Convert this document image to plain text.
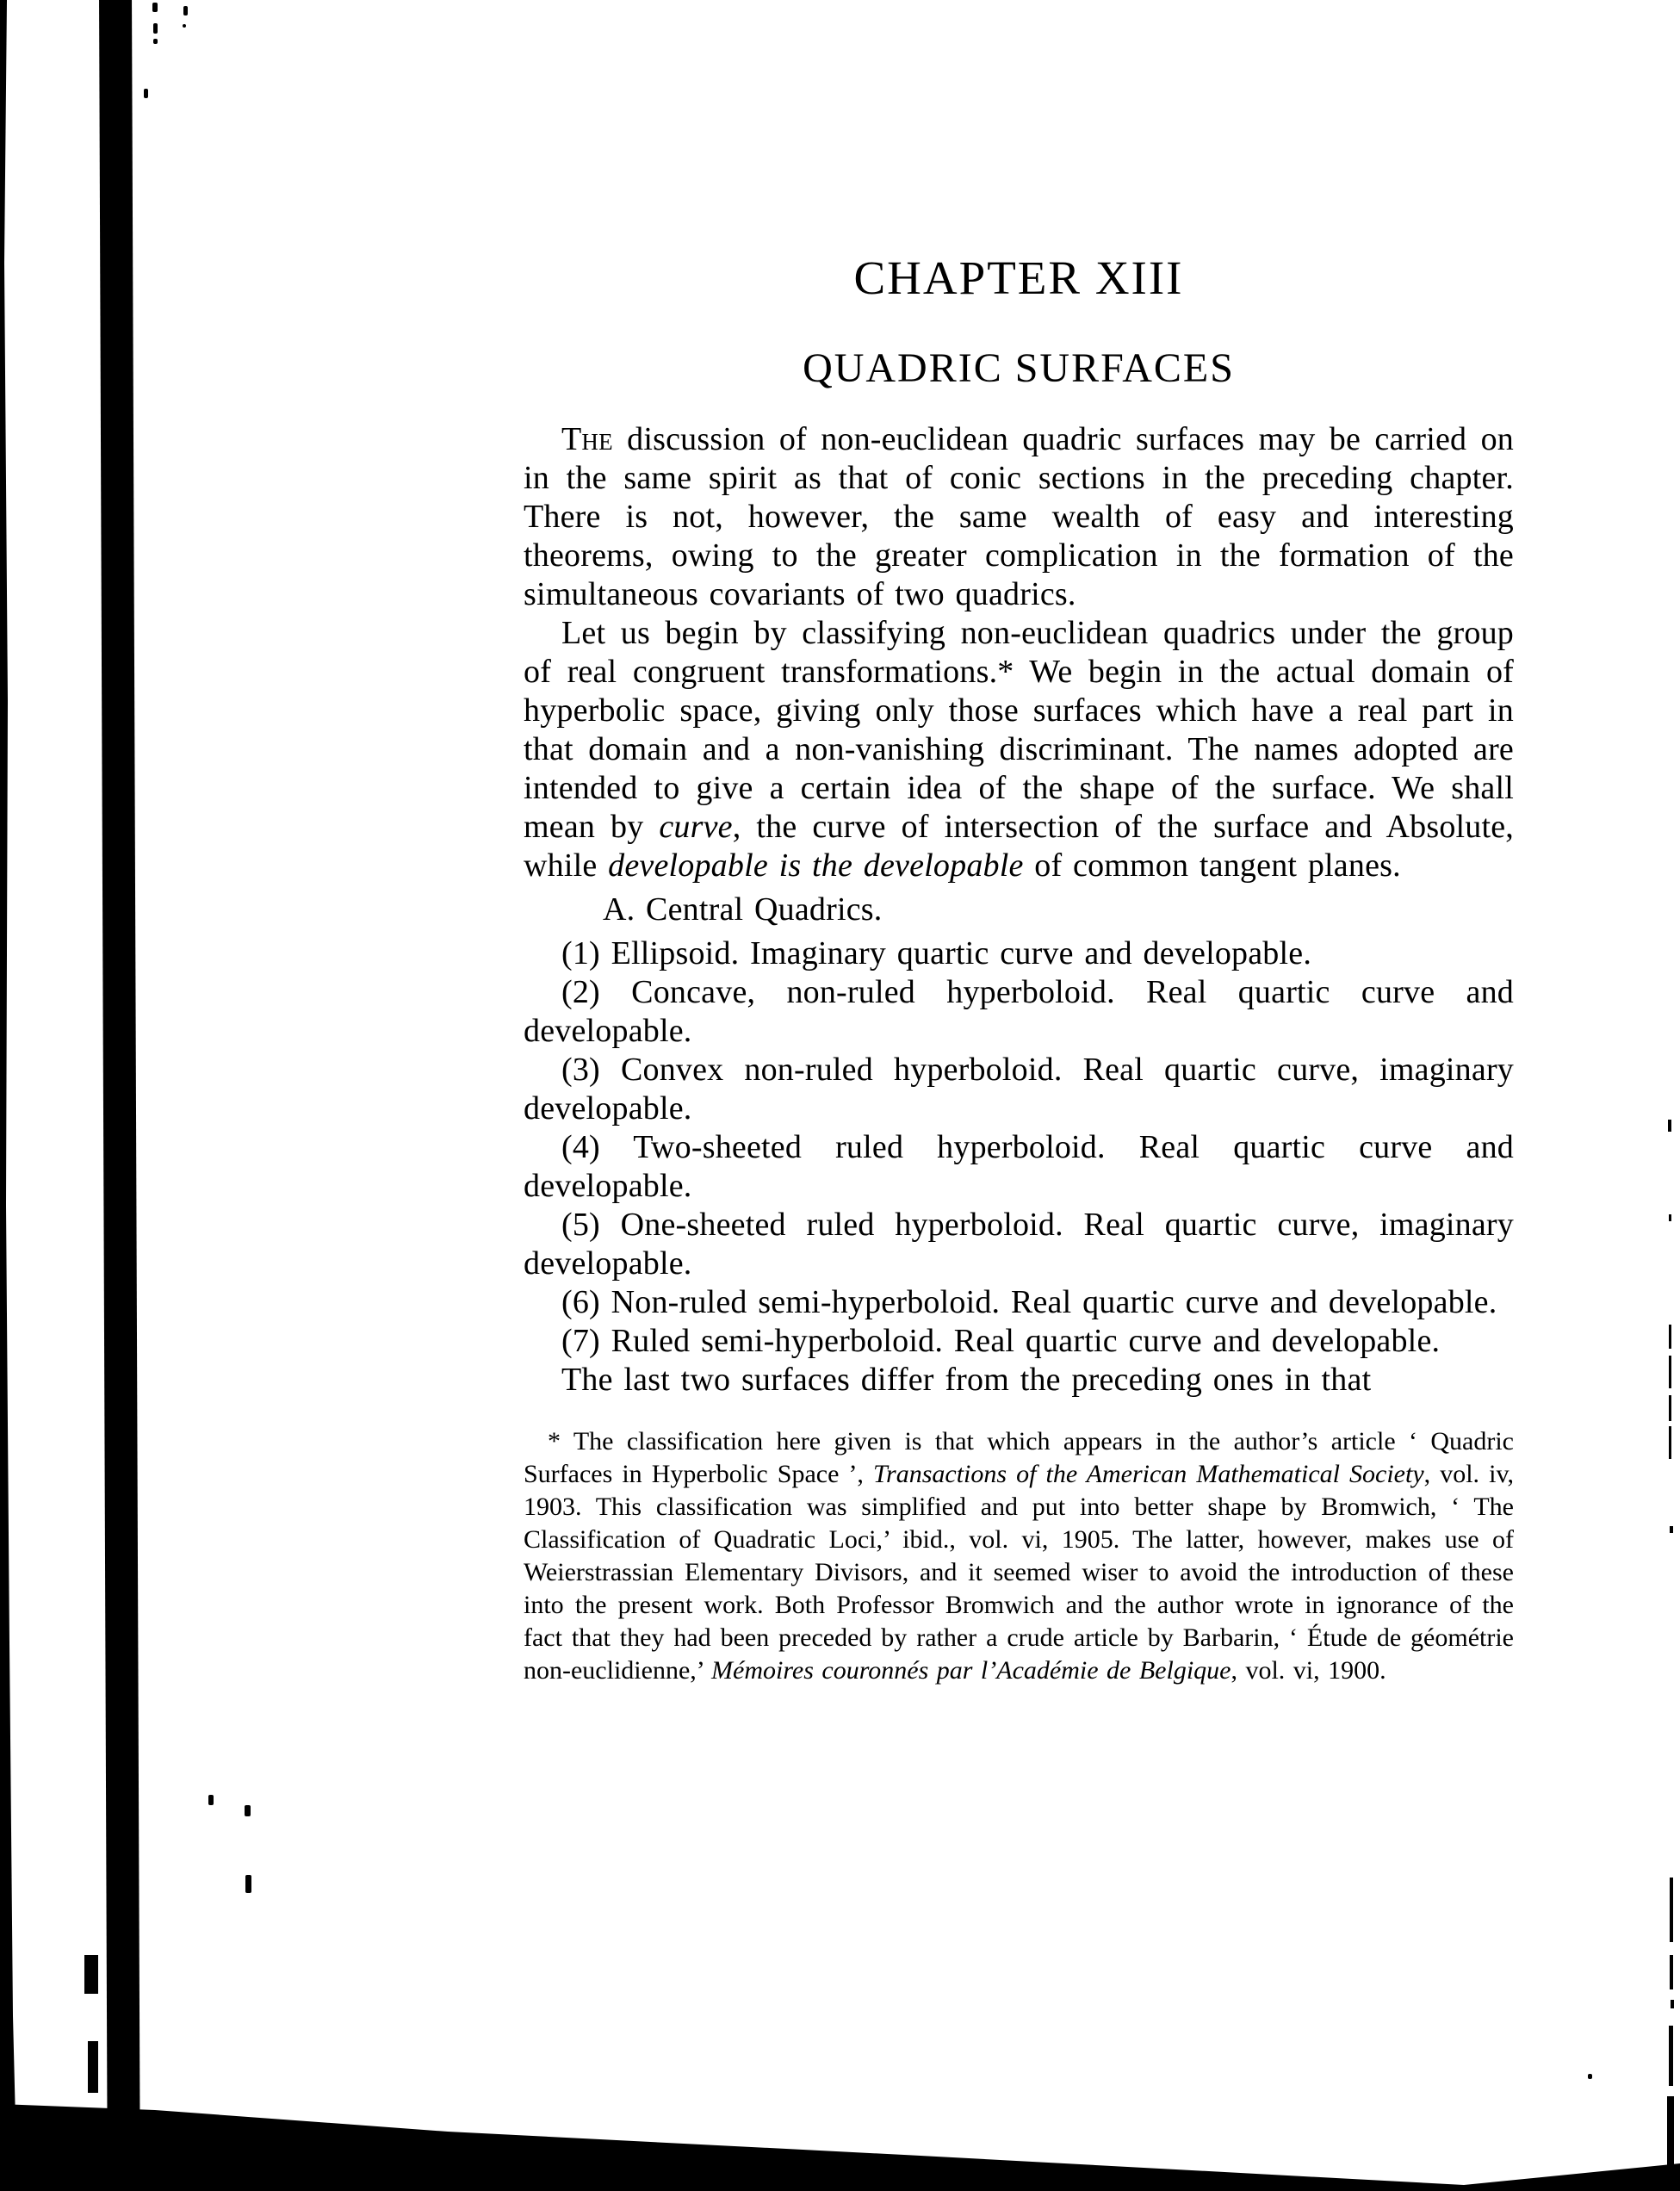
CHAPTER XIII
QUADRIC SURFACES

The discussion of non-euclidean quadric surfaces may be carried on in the same spirit as that of conic sections in the preceding chapter. There is not, however, the same wealth of easy and interesting theorems, owing to the greater complication in the formation of the simultaneous covariants of two quadrics.

Let us begin by classifying non-euclidean quadrics under the group of real congruent transformations.* We begin in the actual domain of hyperbolic space, giving only those surfaces which have a real part in that domain and a non-vanishing discriminant. The names adopted are intended to give a certain idea of the shape of the surface. We shall mean by curve, the curve of intersection of the surface and Absolute, while developable is the developable of common tangent planes.

A. Central Quadrics.

(1) Ellipsoid. Imaginary quartic curve and developable.

(2) Concave, non-ruled hyperboloid. Real quartic curve and developable.

(3) Convex non-ruled hyperboloid. Real quartic curve, imaginary developable.

(4) Two-sheeted ruled hyperboloid. Real quartic curve and developable.

(5) One-sheeted ruled hyperboloid. Real quartic curve, imaginary developable.

(6) Non-ruled semi-hyperboloid. Real quartic curve and developable.

(7) Ruled semi-hyperboloid. Real quartic curve and developable.

The last two surfaces differ from the preceding ones in that

* The classification here given is that which appears in the author’s article ‘ Quadric Surfaces in Hyperbolic Space ’, Transactions of the American Mathematical Society, vol. iv, 1903. This classification was simplified and put into better shape by Bromwich, ‘ The Classification of Quadratic Loci,’ ibid., vol. vi, 1905. The latter, however, makes use of Weierstrassian Elementary Divisors, and it seemed wiser to avoid the introduction of these into the present work. Both Professor Bromwich and the author wrote in ignorance of the fact that they had been preceded by rather a crude article by Barbarin, ‘ Étude de géométrie non-euclidienne,’ Mémoires couronnés par l’Académie de Belgique, vol. vi, 1900.
